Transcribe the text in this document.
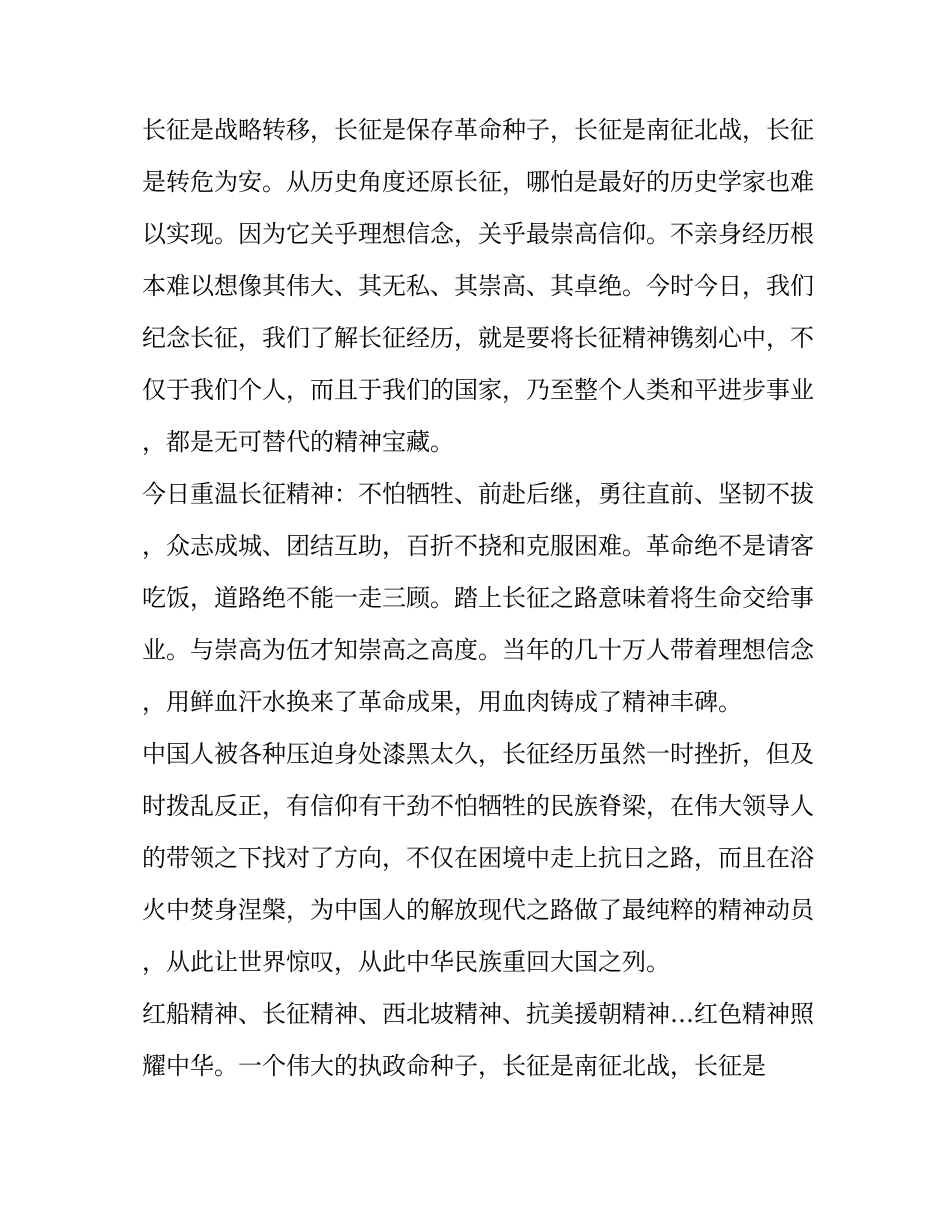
长征是战略转移，长征是保存革命种子，长征是南征北战，长征是转危为安。从历史角度还原长征，哪怕是最好的历史学家也难以实现。因为它关乎理想信念，关乎最崇高信仰。不亲身经历根本难以想像其伟大、其无私、其崇高、其卓绝。今时今日，我们纪念长征，我们了解长征经历，就是要将长征精神镌刻心中，不仅于我们个人，而且于我们的国家，乃至整个人类和平进步事业，都是无可替代的精神宝藏。

今日重温长征精神：不怕牺牲、前赴后继，勇往直前、坚韧不拔，众志成城、团结互助，百折不挠和克服困难。革命绝不是请客吃饭，道路绝不能一走三顾。踏上长征之路意味着将生命交给事业。与崇高为伍才知崇高之高度。当年的几十万人带着理想信念，用鲜血汗水换来了革命成果，用血肉铸成了精神丰碑。

中国人被各种压迫身处漆黑太久，长征经历虽然一时挫折，但及时拨乱反正，有信仰有干劲不怕牺牲的民族脊梁，在伟大领导人的带领之下找对了方向，不仅在困境中走上抗日之路，而且在浴火中焚身涅槃，为中国人的解放现代之路做了最纯粹的精神动员，从此让世界惊叹，从此中华民族重回大国之列。

红船精神、长征精神、西北坡精神、抗美援朝精神…红色精神照耀中华。一个伟大的执政命种子，长征是南征北战，长征是
